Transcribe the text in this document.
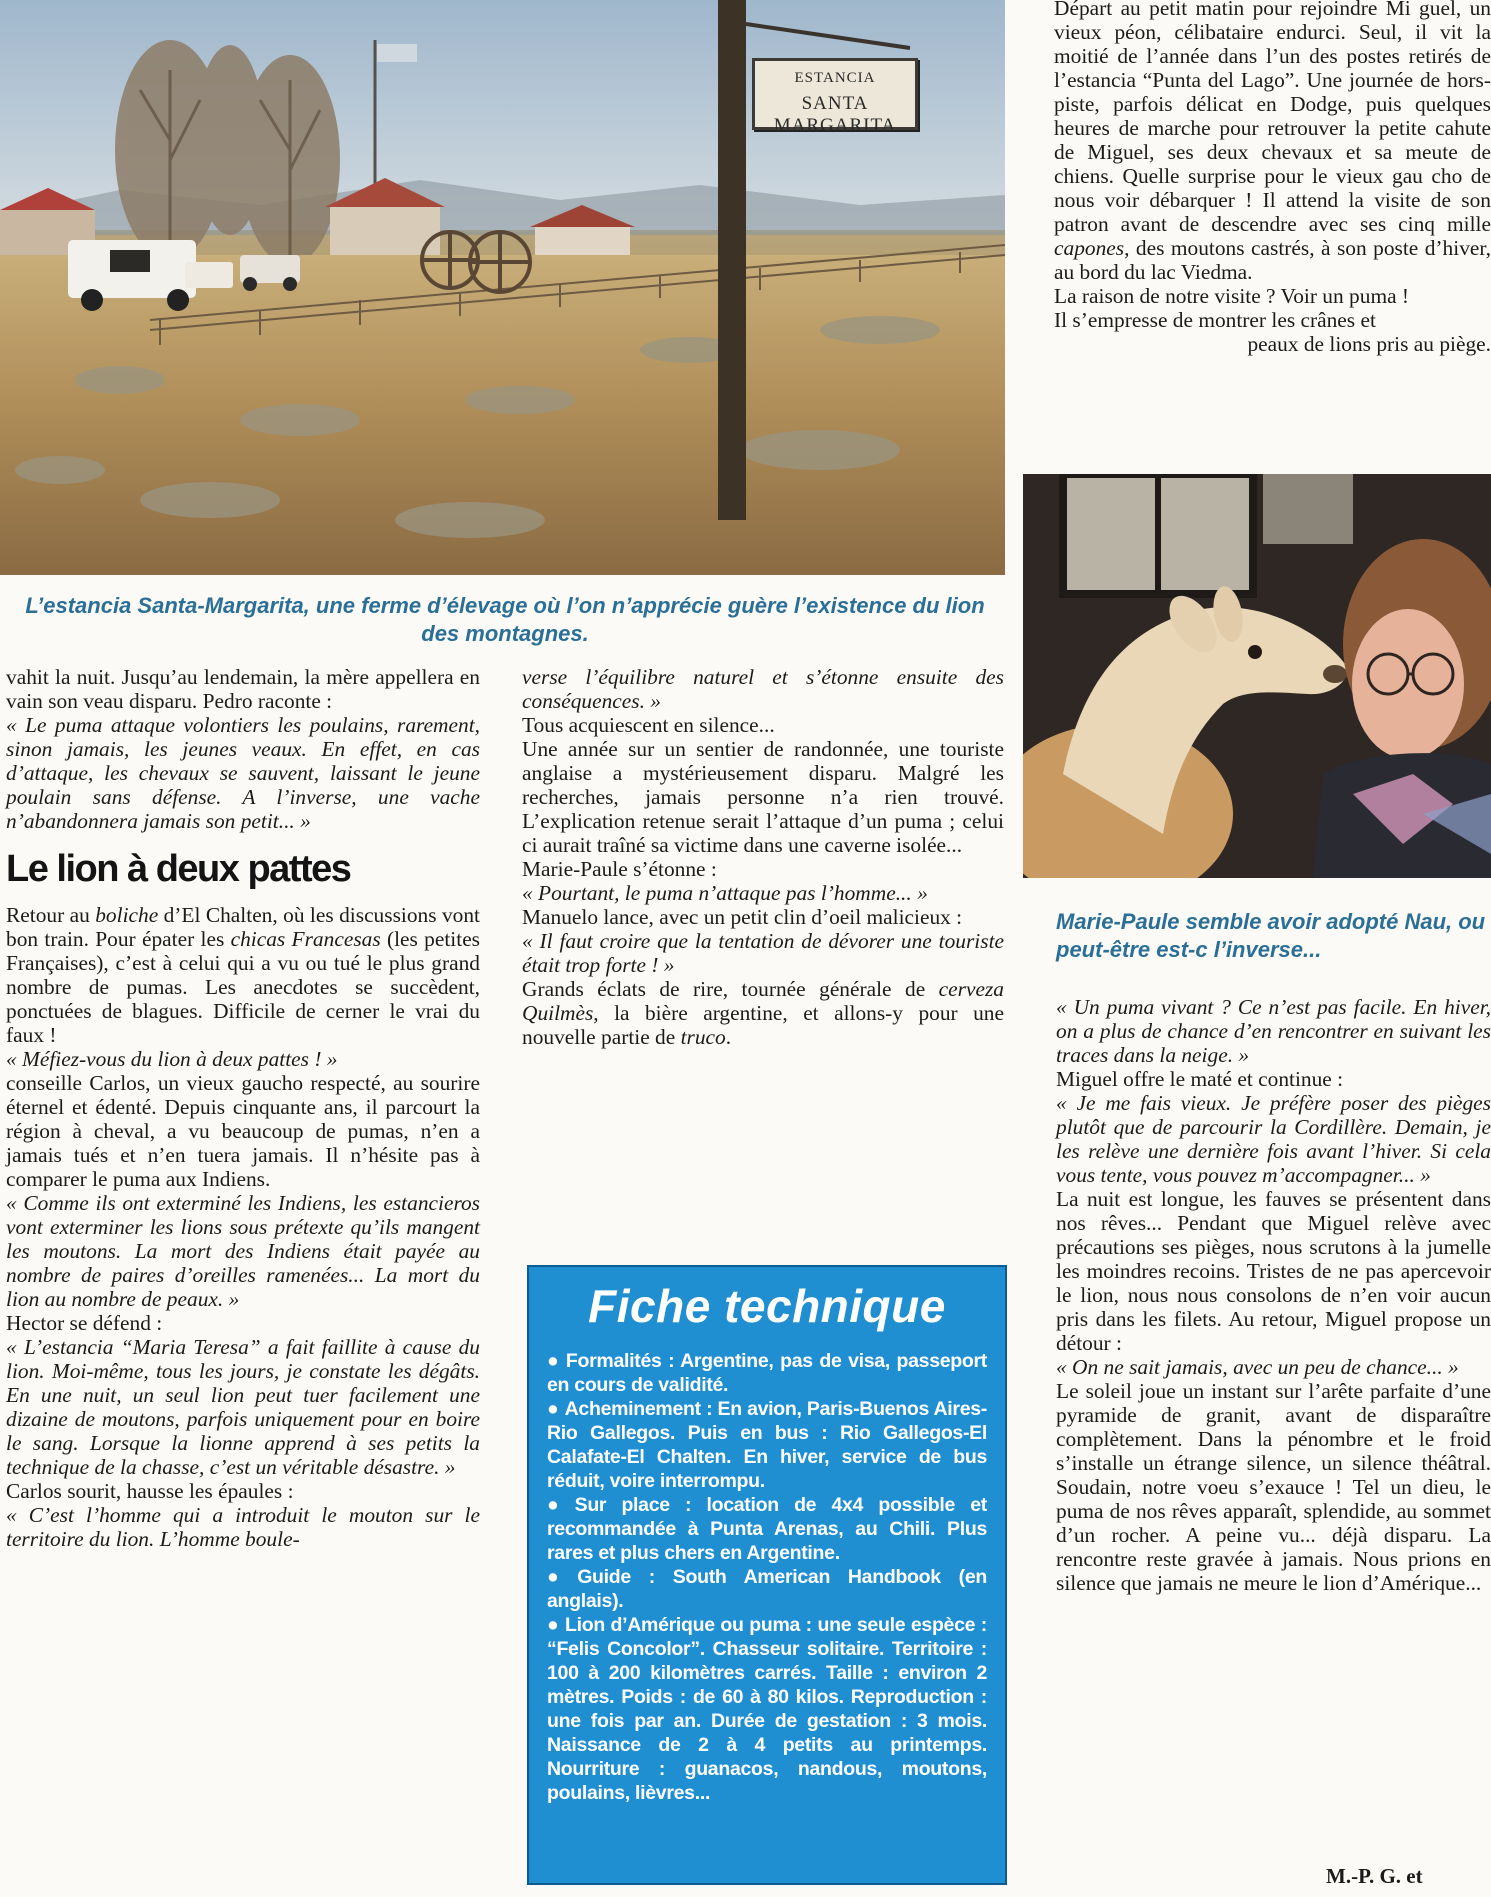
ESTANCIA
SANTA MARGARITA
L’estancia Santa-Margarita, une ferme d’élevage où l’on n’apprécie guère l’existence du lion des montagnes.

Départ au petit matin pour rejoindre Mi guel, un vieux péon, célibataire endurci. Seul, il vit la moitié de l’année dans l’un des postes retirés de l’estancia “Punta del Lago”. Une journée de hors-piste, parfois délicat en Dodge, puis quelques heures de marche pour retrouver la petite cahute de Miguel, ses deux chevaux et sa meute de chiens. Quelle surprise pour le vieux gau cho de nous voir débarquer ! Il attend la visite de son patron avant de descendre avec ses cinq mille capones, des moutons castrés, à son poste d’hiver, au bord du lac Viedma.

La raison de notre visite ? Voir un puma !

Il s’empresse de montrer les crânes et

peaux de lions pris au piège.

Marie-Paule semble avoir adopté Nau, ou peut-être est-c l’inverse...

vahit la nuit. Jusqu’au lendemain, la mère appellera en vain son veau disparu. Pedro raconte :

« Le puma attaque volontiers les poulains, rarement, sinon jamais, les jeunes veaux. En effet, en cas d’attaque, les chevaux se sauvent, laissant le jeune poulain sans défense. A l’inverse, une vache n’abandonnera jamais son petit... »

Le lion à deux pattes

Retour au boliche d’El Chalten, où les discussions vont bon train. Pour épater les chicas Francesas (les petites Françaises), c’est à celui qui a vu ou tué le plus grand nombre de pumas. Les anecdotes se succèdent, ponctuées de blagues. Difficile de cerner le vrai du faux !

« Méfiez-vous du lion à deux pattes ! »

conseille Carlos, un vieux gaucho respecté, au sourire éternel et édenté. Depuis cinquante ans, il parcourt la région à cheval, a vu beaucoup de pumas, n’en a jamais tués et n’en tuera jamais. Il n’hésite pas à comparer le puma aux Indiens.

« Comme ils ont exterminé les Indiens, les estancieros vont exterminer les lions sous prétexte qu’ils mangent les moutons. La mort des Indiens était payée au nombre de paires d’oreilles ramenées... La mort du lion au nombre de peaux. »

Hector se défend :

« L’estancia “Maria Teresa” a fait faillite à cause du lion. Moi-même, tous les jours, je constate les dégâts. En une nuit, un seul lion peut tuer facilement une dizaine de moutons, parfois uniquement pour en boire le sang. Lorsque la lionne apprend à ses petits la technique de la chasse, c’est un véritable désastre. »

Carlos sourit, hausse les épaules :

« C’est l’homme qui a introduit le mouton sur le territoire du lion. L’homme boule-

verse l’équilibre naturel et s’étonne ensuite des conséquences. »

Tous acquiescent en silence...

Une année sur un sentier de randonnée, une touriste anglaise a mystérieusement disparu. Malgré les recherches, jamais personne n’a rien trouvé. L’explication retenue serait l’attaque d’un puma ; celui ci aurait traîné sa victime dans une caverne isolée...

Marie-Paule s’étonne :

« Pourtant, le puma n’attaque pas l’homme... »

Manuelo lance, avec un petit clin d’oeil malicieux :

« Il faut croire que la tentation de dévorer une touriste était trop forte ! »

Grands éclats de rire, tournée générale de cerveza Quilmès, la bière argentine, et allons-y pour une nouvelle partie de truco.

Fiche technique
● Formalités : Argentine, pas de visa, passeport en cours de validité.
● Acheminement : En avion, Paris-Buenos Aires-Rio Gallegos. Puis en bus : Rio Gallegos-El Calafate-El Chalten. En hiver, service de bus réduit, voire interrompu.
● Sur place : location de 4x4 possible et recommandée à Punta Arenas, au Chili. Plus rares et plus chers en Argentine.
● Guide : South American Handbook (en anglais).
● Lion d’Amérique ou puma : une seule espèce : “Felis Concolor”. Chasseur solitaire. Territoire : 100 à 200 kilomètres carrés. Taille : environ 2 mètres. Poids : de 60 à 80 kilos. Reproduction : une fois par an. Durée de gestation : 3 mois. Naissance de 2 à 4 petits au printemps. Nourriture : guanacos, nandous, moutons, poulains, lièvres...

« Un puma vivant ? Ce n’est pas facile. En hiver, on a plus de chance d’en rencontrer en suivant les traces dans la neige. »

Miguel offre le maté et continue :

« Je me fais vieux. Je préfère poser des pièges plutôt que de parcourir la Cordillère. Demain, je les relève une dernière fois avant l’hiver. Si cela vous tente, vous pouvez m’accompagner... »

La nuit est longue, les fauves se présentent dans nos rêves... Pendant que Miguel relève avec précautions ses pièges, nous scrutons à la jumelle les moindres recoins. Tristes de ne pas apercevoir le lion, nous nous consolons de n’en voir aucun pris dans les filets. Au retour, Miguel propose un détour :

« On ne sait jamais, avec un peu de chance... »

Le soleil joue un instant sur l’arête parfaite d’une pyramide de granit, avant de disparaître complètement. Dans la pénombre et le froid s’installe un étrange silence, un silence théâtral. Soudain, notre voeu s’exauce ! Tel un dieu, le puma de nos rêves apparaît, splendide, au sommet d’un rocher. A peine vu... déjà disparu. La rencontre reste gravée à jamais. Nous prions en silence que jamais ne meure le lion d’Amérique...

M.-P. G. et
